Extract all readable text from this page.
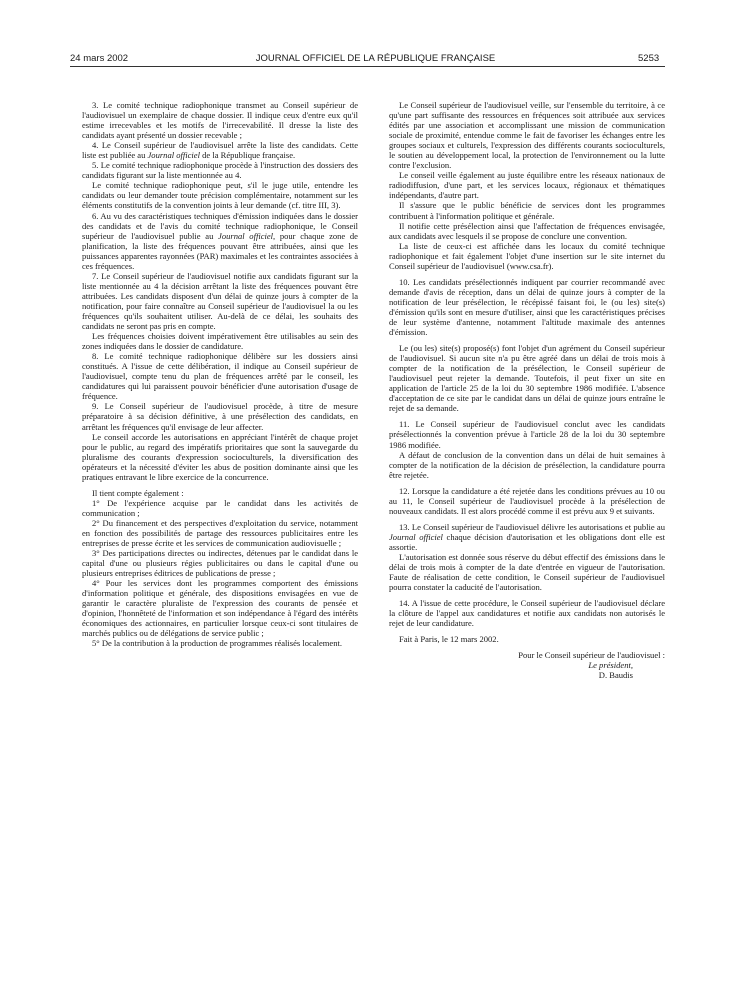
24 mars 2002	JOURNAL OFFICIEL DE LA RÉPUBLIQUE FRANÇAISE	5253

3. Le comité technique radiophonique transmet au Conseil supérieur de l'audiovisuel un exemplaire de chaque dossier. Il indique ceux d'entre eux qu'il estime irrecevables et les motifs de l'irrecevabilité. Il dresse la liste des candidats ayant présenté un dossier recevable ;

4. Le Conseil supérieur de l'audiovisuel arrête la liste des candidats. Cette liste est publiée au Journal officiel de la République française.

5. Le comité technique radiophonique procède à l'instruction des dossiers des candidats figurant sur la liste mentionnée au 4.

Le comité technique radiophonique peut, s'il le juge utile, entendre les candidats ou leur demander toute précision complémentaire, notamment sur les éléments constitutifs de la convention joints à leur demande (cf. titre III, 3).

6. Au vu des caractéristiques techniques d'émission indiquées dans le dossier des candidats et de l'avis du comité technique radiophonique, le Conseil supérieur de l'audiovisuel publie au Journal officiel, pour chaque zone de planification, la liste des fréquences pouvant être attribuées, ainsi que les puissances apparentes rayonnées (PAR) maximales et les contraintes associées à ces fréquences.

7. Le Conseil supérieur de l'audiovisuel notifie aux candidats figurant sur la liste mentionnée au 4 la décision arrêtant la liste des fréquences pouvant être attribuées. Les candidats disposent d'un délai de quinze jours à compter de la notification, pour faire connaître au Conseil supérieur de l'audiovisuel la ou les fréquences qu'ils souhaitent utiliser. Au-delà de ce délai, les souhaits des candidats ne seront pas pris en compte.

Les fréquences choisies doivent impérativement être utilisables au sein des zones indiquées dans le dossier de candidature.

8. Le comité technique radiophonique délibère sur les dossiers ainsi constitués. A l'issue de cette délibération, il indique au Conseil supérieur de l'audiovisuel, compte tenu du plan de fréquences arrêté par le conseil, les candidatures qui lui paraissent pouvoir bénéficier d'une autorisation d'usage de fréquence.

9. Le Conseil supérieur de l'audiovisuel procède, à titre de mesure préparatoire à sa décision définitive, à une présélection des candidats, en arrêtant les fréquences qu'il envisage de leur affecter.

Le conseil accorde les autorisations en appréciant l'intérêt de chaque projet pour le public, au regard des impératifs prioritaires que sont la sauvegarde du pluralisme des courants d'expression socioculturels, la diversification des opérateurs et la nécessité d'éviter les abus de position dominante ainsi que les pratiques entravant le libre exercice de la concurrence.

Il tient compte également :

1° De l'expérience acquise par le candidat dans les activités de communication ;

2° Du financement et des perspectives d'exploitation du service, notamment en fonction des possibilités de partage des ressources publicitaires entre les entreprises de presse écrite et les services de communication audiovisuelle ;

3° Des participations directes ou indirectes, détenues par le candidat dans le capital d'une ou plusieurs régies publicitaires ou dans le capital d'une ou plusieurs entreprises éditrices de publications de presse ;

4° Pour les services dont les programmes comportent des émissions d'information politique et générale, des dispositions envisagées en vue de garantir le caractère pluraliste de l'expression des courants de pensée et d'opinion, l'honnêteté de l'information et son indépendance à l'égard des intérêts économiques des actionnaires, en particulier lorsque ceux-ci sont titulaires de marchés publics ou de délégations de service public ;

5° De la contribution à la production de programmes réalisés localement.

Le Conseil supérieur de l'audiovisuel veille, sur l'ensemble du territoire, à ce qu'une part suffisante des ressources en fréquences soit attribuée aux services édités par une association et accomplissant une mission de communication sociale de proximité, entendue comme le fait de favoriser les échanges entre les groupes sociaux et culturels, l'expression des différents courants socioculturels, le soutien au développement local, la protection de l'environnement ou la lutte contre l'exclusion.

Le conseil veille également au juste équilibre entre les réseaux nationaux de radiodiffusion, d'une part, et les services locaux, régionaux et thématiques indépendants, d'autre part.

Il s'assure que le public bénéficie de services dont les programmes contribuent à l'information politique et générale.

Il notifie cette présélection ainsi que l'affectation de fréquences envisagée, aux candidats avec lesquels il se propose de conclure une convention.

La liste de ceux-ci est affichée dans les locaux du comité technique radiophonique et fait également l'objet d'une insertion sur le site internet du Conseil supérieur de l'audiovisuel (www.csa.fr).

10. Les candidats présélectionnés indiquent par courrier recommandé avec demande d'avis de réception, dans un délai de quinze jours à compter de la notification de leur présélection, le récépissé faisant foi, le (ou les) site(s) d'émission qu'ils sont en mesure d'utiliser, ainsi que les caractéristiques précises de leur système d'antenne, notamment l'altitude maximale des antennes d'émission.

Le (ou les) site(s) proposé(s) font l'objet d'un agrément du Conseil supérieur de l'audiovisuel. Si aucun site n'a pu être agréé dans un délai de trois mois à compter de la notification de la présélection, le Conseil supérieur de l'audiovisuel peut rejeter la demande. Toutefois, il peut fixer un site en application de l'article 25 de la loi du 30 septembre 1986 modifiée. L'absence d'acceptation de ce site par le candidat dans un délai de quinze jours entraîne le rejet de sa demande.

11. Le Conseil supérieur de l'audiovisuel conclut avec les candidats présélectionnés la convention prévue à l'article 28 de la loi du 30 septembre 1986 modifiée.

A défaut de conclusion de la convention dans un délai de huit semaines à compter de la notification de la décision de présélection, la candidature pourra être rejetée.

12. Lorsque la candidature a été rejetée dans les conditions prévues au 10 ou au 11, le Conseil supérieur de l'audiovisuel procède à la présélection de nouveaux candidats. Il est alors procédé comme il est prévu aux 9 et suivants.

13. Le Conseil supérieur de l'audiovisuel délivre les autorisations et publie au Journal officiel chaque décision d'autorisation et les obligations dont elle est assortie.

L'autorisation est donnée sous réserve du début effectif des émissions dans le délai de trois mois à compter de la date d'entrée en vigueur de l'autorisation. Faute de réalisation de cette condition, le Conseil supérieur de l'audiovisuel pourra constater la caducité de l'autorisation.

14. A l'issue de cette procédure, le Conseil supérieur de l'audiovisuel déclare la clôture de l'appel aux candidatures et notifie aux candidats non autorisés le rejet de leur candidature.

Fait à Paris, le 12 mars 2002.

Pour le Conseil supérieur de l'audiovisuel :

Le président,

D. Baudis
